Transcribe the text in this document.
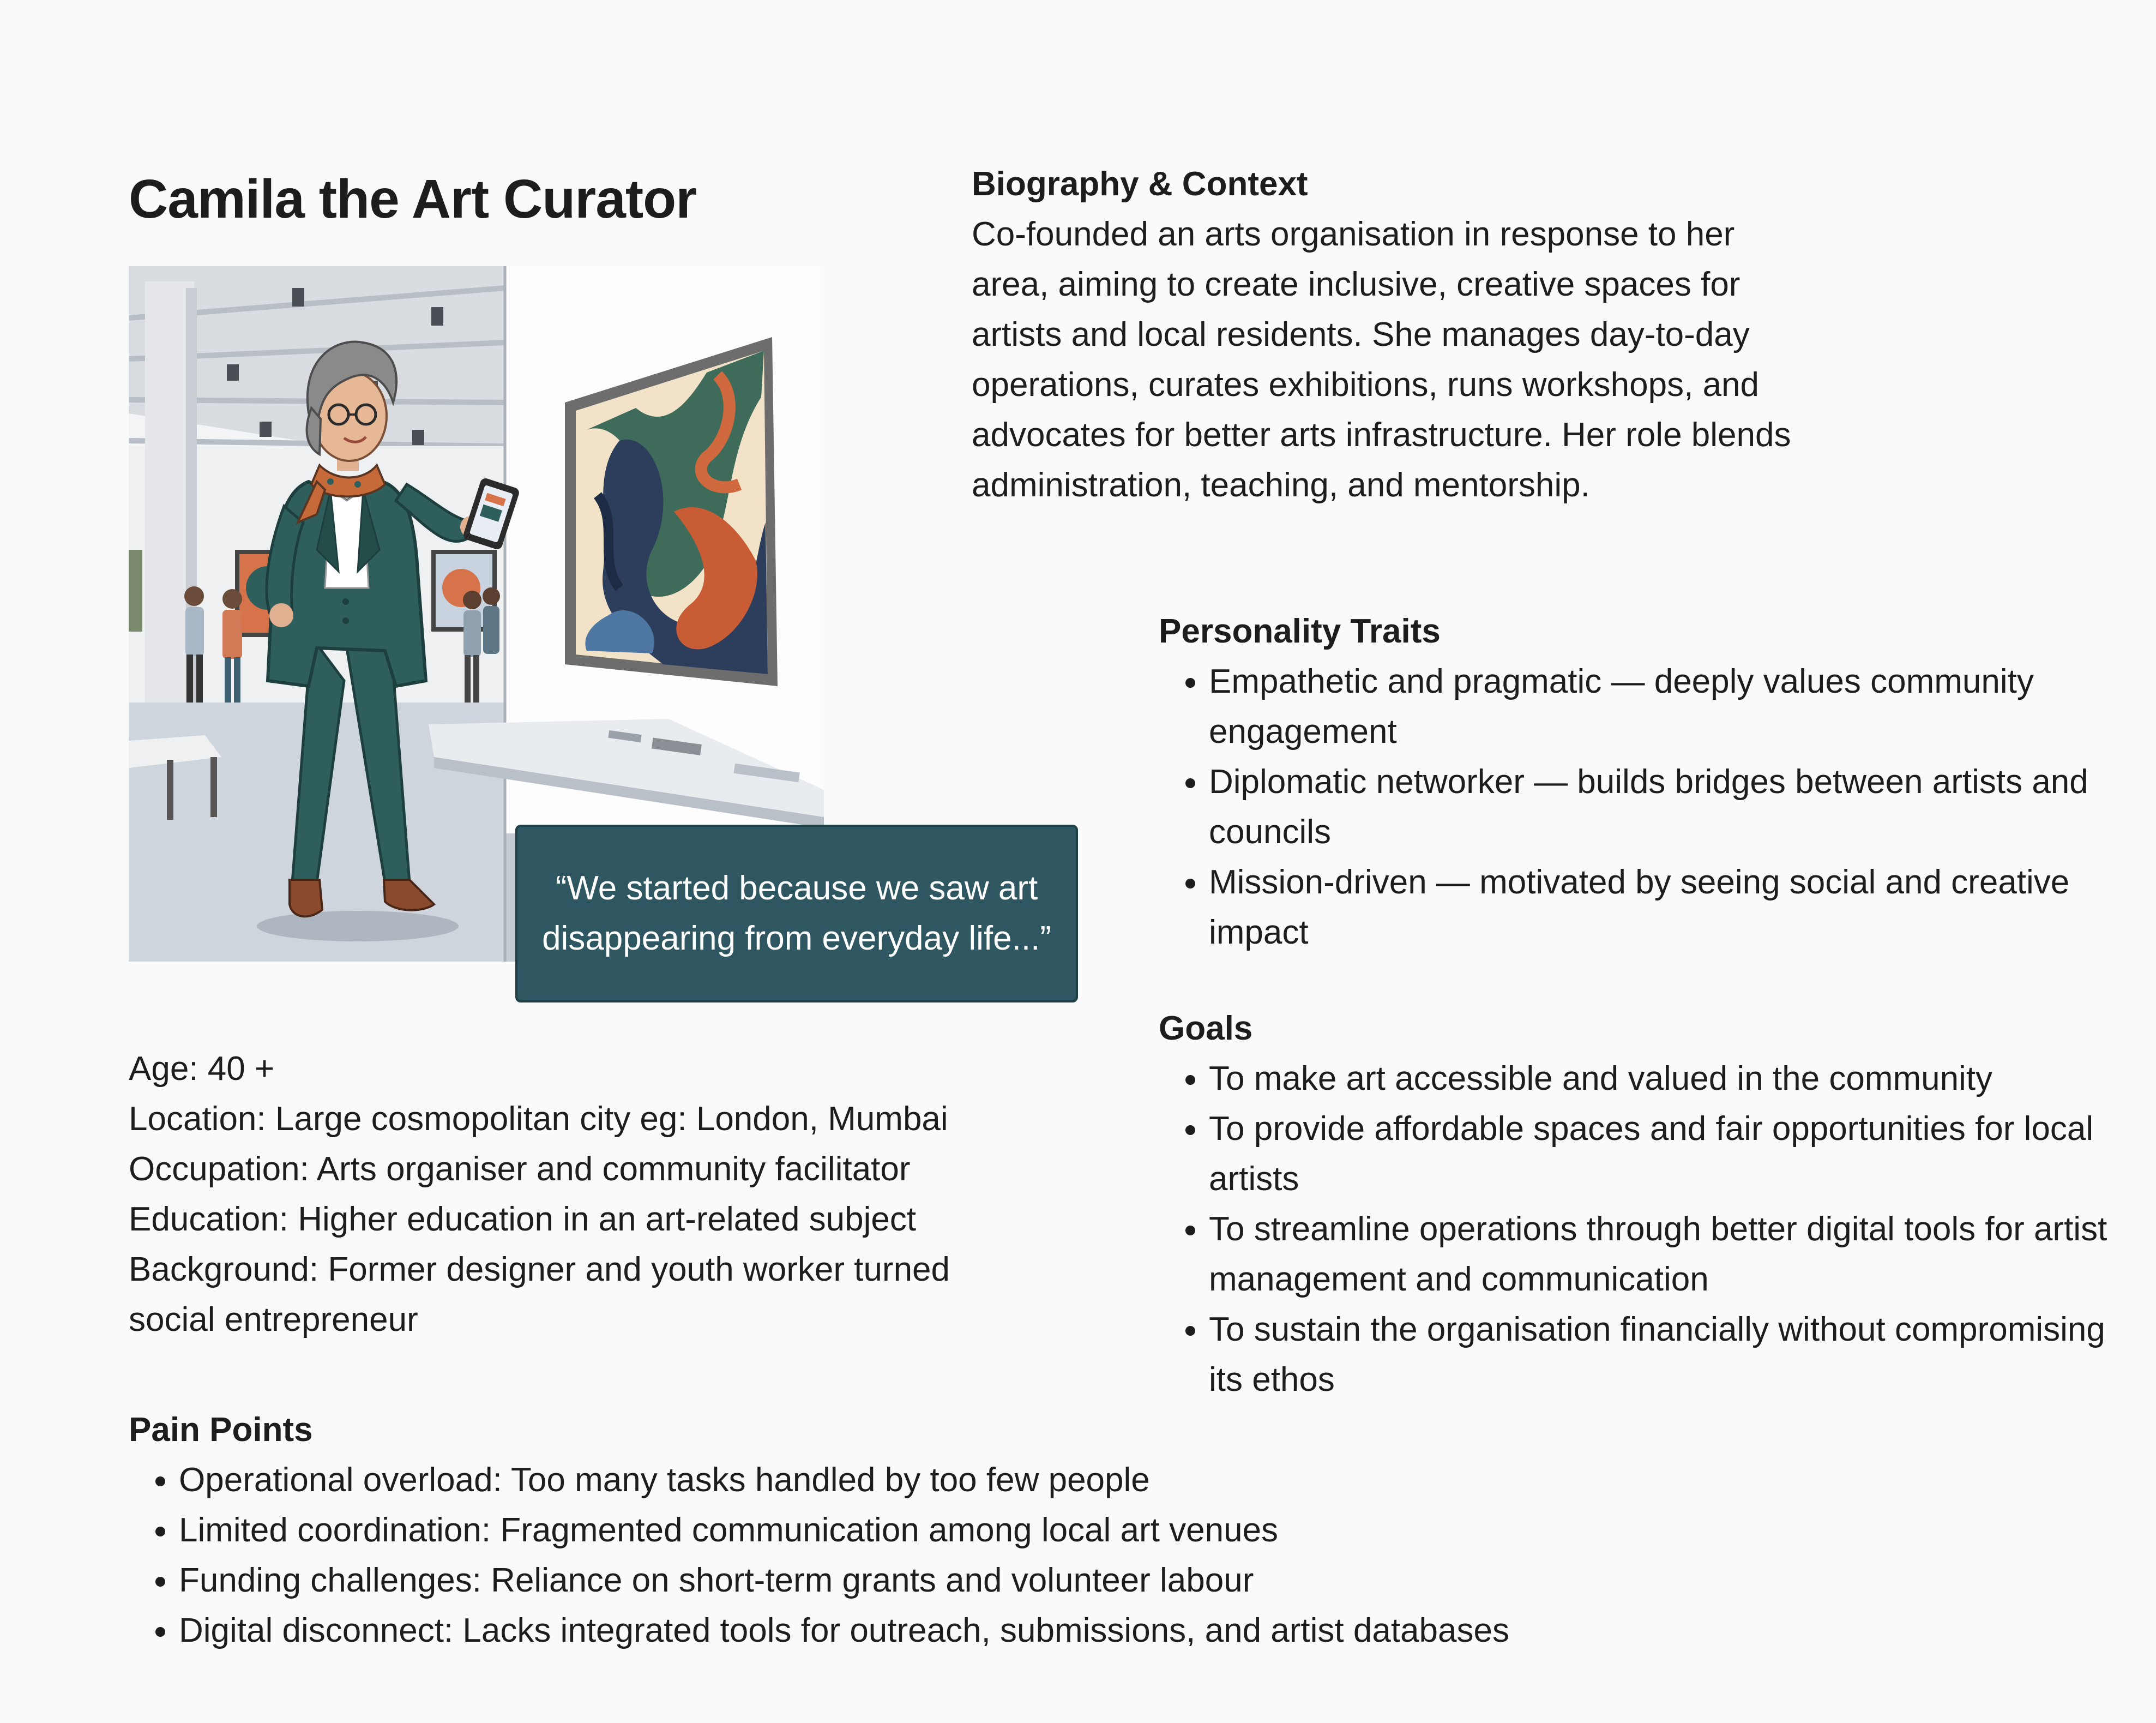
Camila the Art Curator
“We started because we saw art disappearing from everyday life...”
Biography & Context

Co-founded an arts organisation in response to her area, aiming to create inclusive, creative spaces for artists and local residents. She manages day-to-day operations, curates exhibitions, runs workshops, and advocates for better arts infrastructure. Her role blends administration, teaching, and mentorship.

Personality Traits
• Empathetic and pragmatic — deeply values community engagement
• Diplomatic networker — builds bridges between artists and councils
• Mission-driven — motivated by seeing social and creative impact
Goals
• To make art accessible and valued in the community
• To provide affordable spaces and fair opportunities for local artists
• To streamline operations through better digital tools for artist management and communication
• To sustain the organisation financially without compromising its ethos

Age: 40 +

Location: Large cosmopolitan city eg: London, Mumbai

Occupation: Arts organiser and community facilitator

Education: Higher education in an art-related subject

Background: Former designer and youth worker turned social entrepreneur

Pain Points
• Operational overload: Too many tasks handled by too few people
• Limited coordination: Fragmented communication among local art venues
• Funding challenges: Reliance on short-term grants and volunteer labour
• Digital disconnect: Lacks integrated tools for outreach, submissions, and artist databases
